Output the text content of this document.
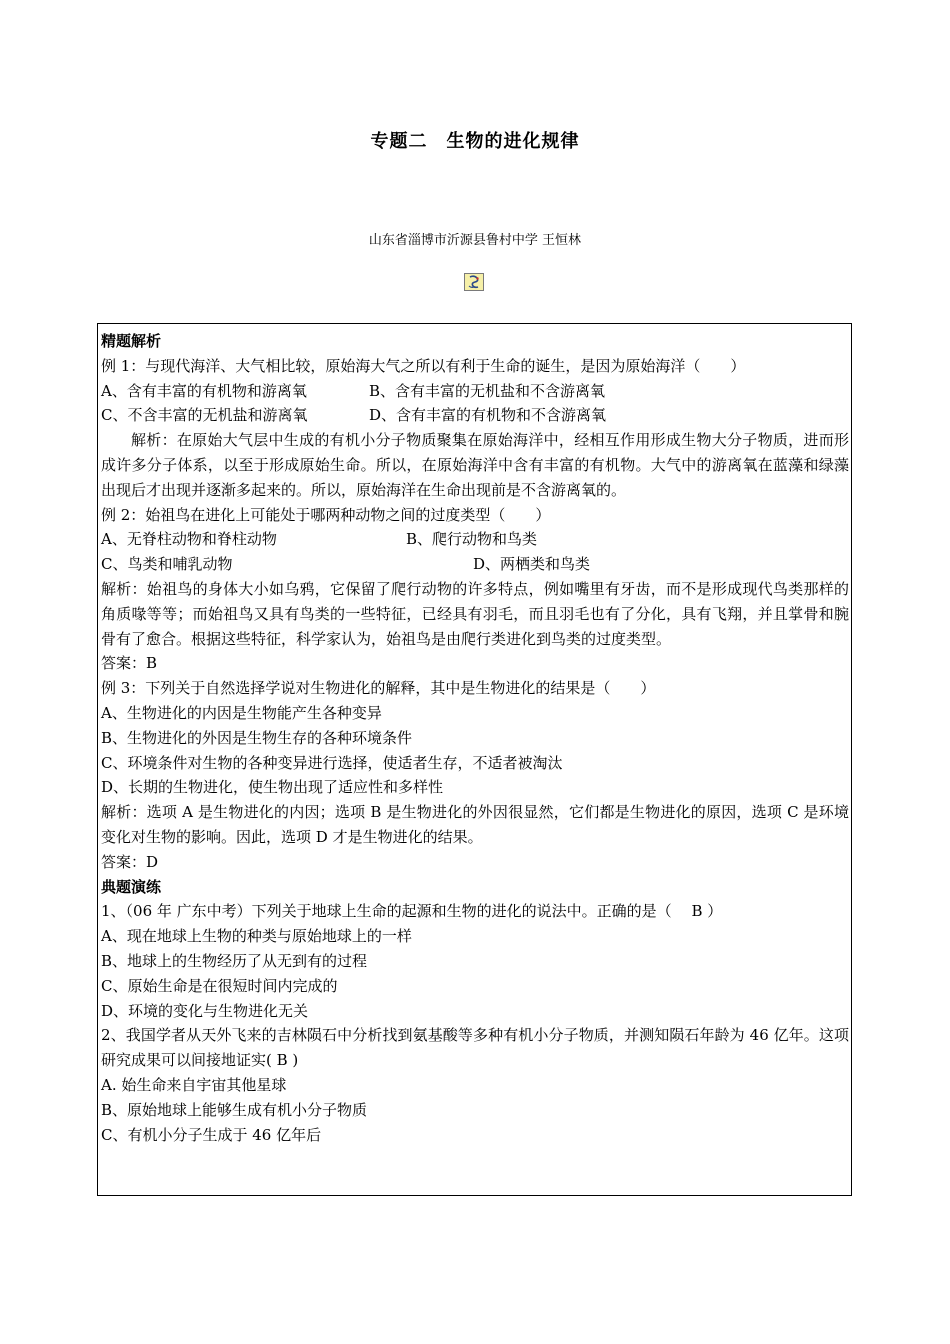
专题二　生物的进化规律
山东省淄博市沂源县鲁村中学 王恒林

精题解析

例 1：与现代海洋、大气相比较，原始海大气之所以有利于生命的诞生，是因为原始海洋（　　）

A、含有丰富的有机物和游离氧	B、含有丰富的无机盐和不含游离氧

C、不含丰富的无机盐和游离氧	D、含有丰富的有机物和不含游离氧

解析：在原始大气层中生成的有机小分子物质聚集在原始海洋中，经相互作用形成生物大分子物质，进而形成许多分子体系，以至于形成原始生命。所以，在原始海洋中含有丰富的有机物。大气中的游离氧在蓝藻和绿藻出现后才出现并逐渐多起来的。所以，原始海洋在生命出现前是不含游离氧的。

例 2：始祖鸟在进化上可能处于哪两种动物之间的过度类型（　　）

A、无脊柱动物和脊柱动物	B、爬行动物和鸟类

C、鸟类和哺乳动物	D、两栖类和鸟类

解析：始祖鸟的身体大小如乌鸦，它保留了爬行动物的许多特点，例如嘴里有牙齿，而不是形成现代鸟类那样的角质喙等等；而始祖鸟又具有鸟类的一些特征，已经具有羽毛，而且羽毛也有了分化，具有飞翔，并且掌骨和腕骨有了愈合。根据这些特征，科学家认为，始祖鸟是由爬行类进化到鸟类的过度类型。

答案：B

例 3：下列关于自然选择学说对生物进化的解释，其中是生物进化的结果是（　　）

A、生物进化的内因是生物能产生各种变异

B、生物进化的外因是生物生存的各种环境条件

C、环境条件对生物的各种变异进行选择，使适者生存，不适者被淘汰

D、长期的生物进化，使生物出现了适应性和多样性

解析：选项 A 是生物进化的内因；选项 B 是生物进化的外因很显然，它们都是生物进化的原因，选项 C 是环境变化对生物的影响。因此，选项 D 才是生物进化的结果。

答案：D

典题演练

1、（06 年 广东中考）下列关于地球上生命的起源和生物的进化的说法中。正确的是（　 B ）

A、现在地球上生物的种类与原始地球上的一样

B、地球上的生物经历了从无到有的过程

C、原始生命是在很短时间内完成的

D、环境的变化与生物进化无关

2、我国学者从天外飞来的吉林陨石中分析找到氨基酸等多种有机小分子物质，并测知陨石年龄为 46 亿年。这项研究成果可以间接地证实( B )

A. 始生命来自宇宙其他星球

B、原始地球上能够生成有机小分子物质

C、有机小分子生成于 46 亿年后
